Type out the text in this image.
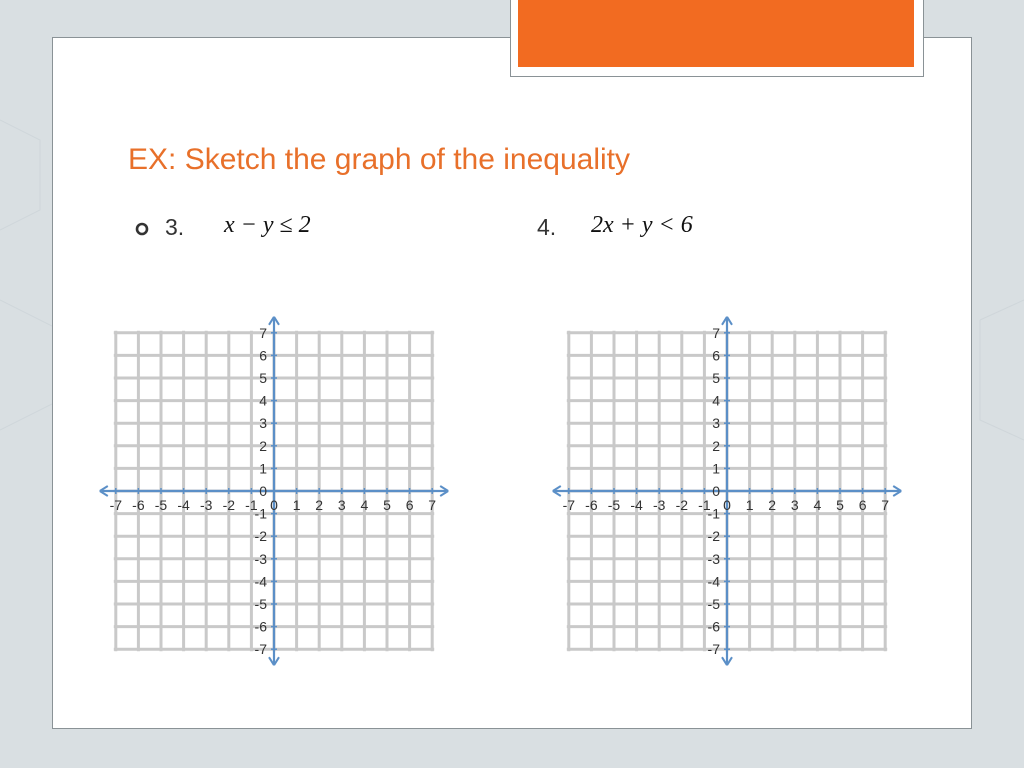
EX: Sketch the graph of the inequality
3. x − y ≤ 2	4. 2x + y < 6
-7 -6 -5 -4 -3 -2 -1 0 1 2 3 4 5 6 7
7
6
5
4
3
2
1
0
-1
-2
-3
-4
-5
-6
-7
-7 -6 -5 -4 -3 -2 -1 0 1 2 3 4 5 6 7
7
6
5
4
3
2
1
0
-1
-2
-3
-4
-5
-6
-7
